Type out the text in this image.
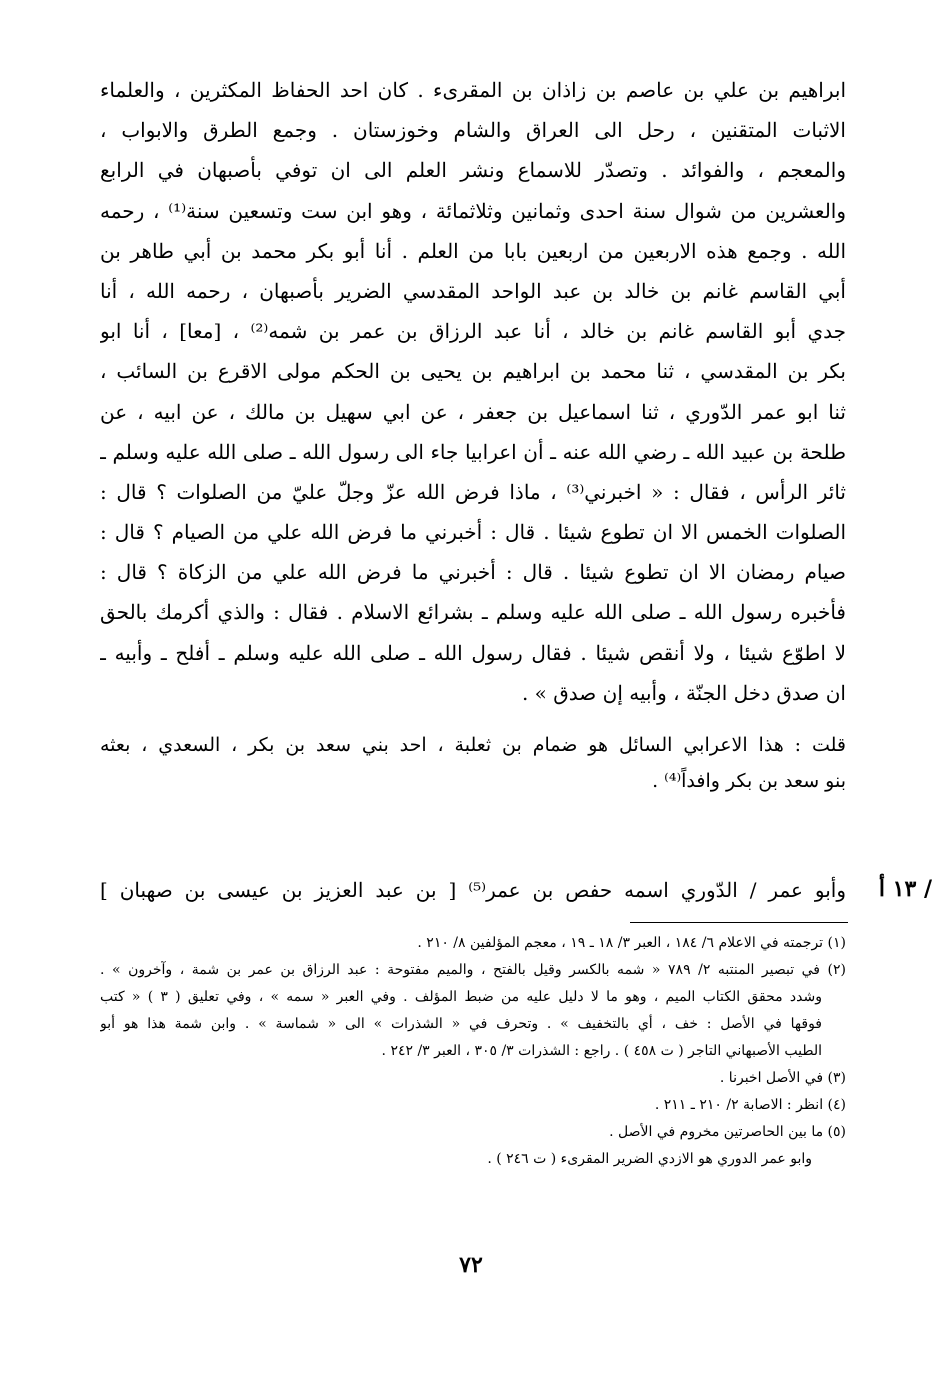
ابراهيم بن علي بن عاصم بن زاذان بن المقرىء . كان احد الحفاظ المكثرين ، والعلماء
الاثبات المتقنين ، رحل الى العراق والشام وخوزستان . وجمع الطرق والابواب ،
والمعجم ، والفوائد . وتصدّر للاسماع ونشر العلم الى ان توفي بأصبهان في الرابع
والعشرين من شوال سنة احدى وثمانين وثلاثمائة ، وهو ابن ست وتسعين سنة⁽¹⁾ ، رحمه
الله . وجمع هذه الاربعين من اربعين بابا من العلم . أنا أبو بكر محمد بن أبي طاهر بن
أبي القاسم غانم بن خالد بن عبد الواحد المقدسي الضرير بأصبهان ، رحمه الله ، أنا
جدي أبو القاسم غانم بن خالد ، أنا عبد الرزاق بن عمر بن شمه⁽²⁾ ، [معا] ، أنا ابو
بكر بن المقدسي ، ثنا محمد بن ابراهيم بن يحيى بن الحكم مولى الاقرع بن السائب ،
ثنا ابو عمر الدّوري ، ثنا اسماعيل بن جعفر ، عن ابي سهيل بن مالك ، عن ابيه ، عن
طلحة بن عبيد الله ـ رضي الله عنه ـ أن اعرابيا جاء الى رسول الله ـ صلى الله عليه وسلم ـ
ثائر الرأس ، فقال : « اخبرني⁽³⁾ ، ماذا فرض الله عزّ وجلّ عليّ من الصلوات ؟ قال :
الصلوات الخمس الا ان تطوع شيئا . قال : أخبرني ما فرض الله علي من الصيام ؟ قال :
صيام رمضان الا ان تطوع شيئا . قال : أخبرني ما فرض الله علي من الزكاة ؟ قال :
فأخبره رسول الله ـ صلى الله عليه وسلم ـ بشرائع الاسلام . فقال : والذي أكرمك بالحق
لا اطوّع شيئا ، ولا أنقص شيئا . فقال رسول الله ـ صلى الله عليه وسلم ـ أفلح ـ وأبيه ـ
ان صدق دخل الجنّة ، وأبيه إن صدق » .
قلت : هذا الاعرابي السائل هو ضمام بن ثعلبة ، احد بني سعد بن بكر ، السعدي ، بعثه
بنو سعد بن بكر وافداً⁽⁴⁾ .
وأبو عمر / الدّوري اسمه حفص بن عمر⁽⁵⁾ [ بن عبد العزيز بن عيسى بن صهبان ] / ١٣ أ
(١) ترجمته في الاعلام ٦/ ١٨٤ ، العبر ٣/ ١٨ ـ ١٩ ، معجم المؤلفين ٨/ ٢١٠ .
(٢) في تبصير المنتبه ٢/ ٧٨٩ « شمه بالكسر وقيل بالفتح ، والميم مفتوحة : عبد الرزاق بن عمر بن شمة ، وآخرون » .
وشدد محقق الكتاب الميم ، وهو ما لا دليل عليه من ضبط المؤلف . وفي العبر « سمه » ، وفي تعليق ( ٣ ) « كتب
فوقها في الأصل : خف ، أي بالتخفيف » . وتحرف في « الشذرات » الى « شماسة » . وابن شمة هذا هو أبو
الطيب الأصبهاني التاجر ( ت ٤٥٨ ) . راجع : الشذرات ٣/ ٣٠٥ ، العبر ٣/ ٢٤٢ .
(٣) في الأصل اخبرنا .
(٤) انظر : الاصابة ٢/ ٢١٠ ـ ٢١١ .
(٥) ما بين الحاصرتين مخروم في الأصل .
وابو عمر الدوري هو الازدي الضرير المقرىء ( ت ٢٤٦ ) .
٧٢
